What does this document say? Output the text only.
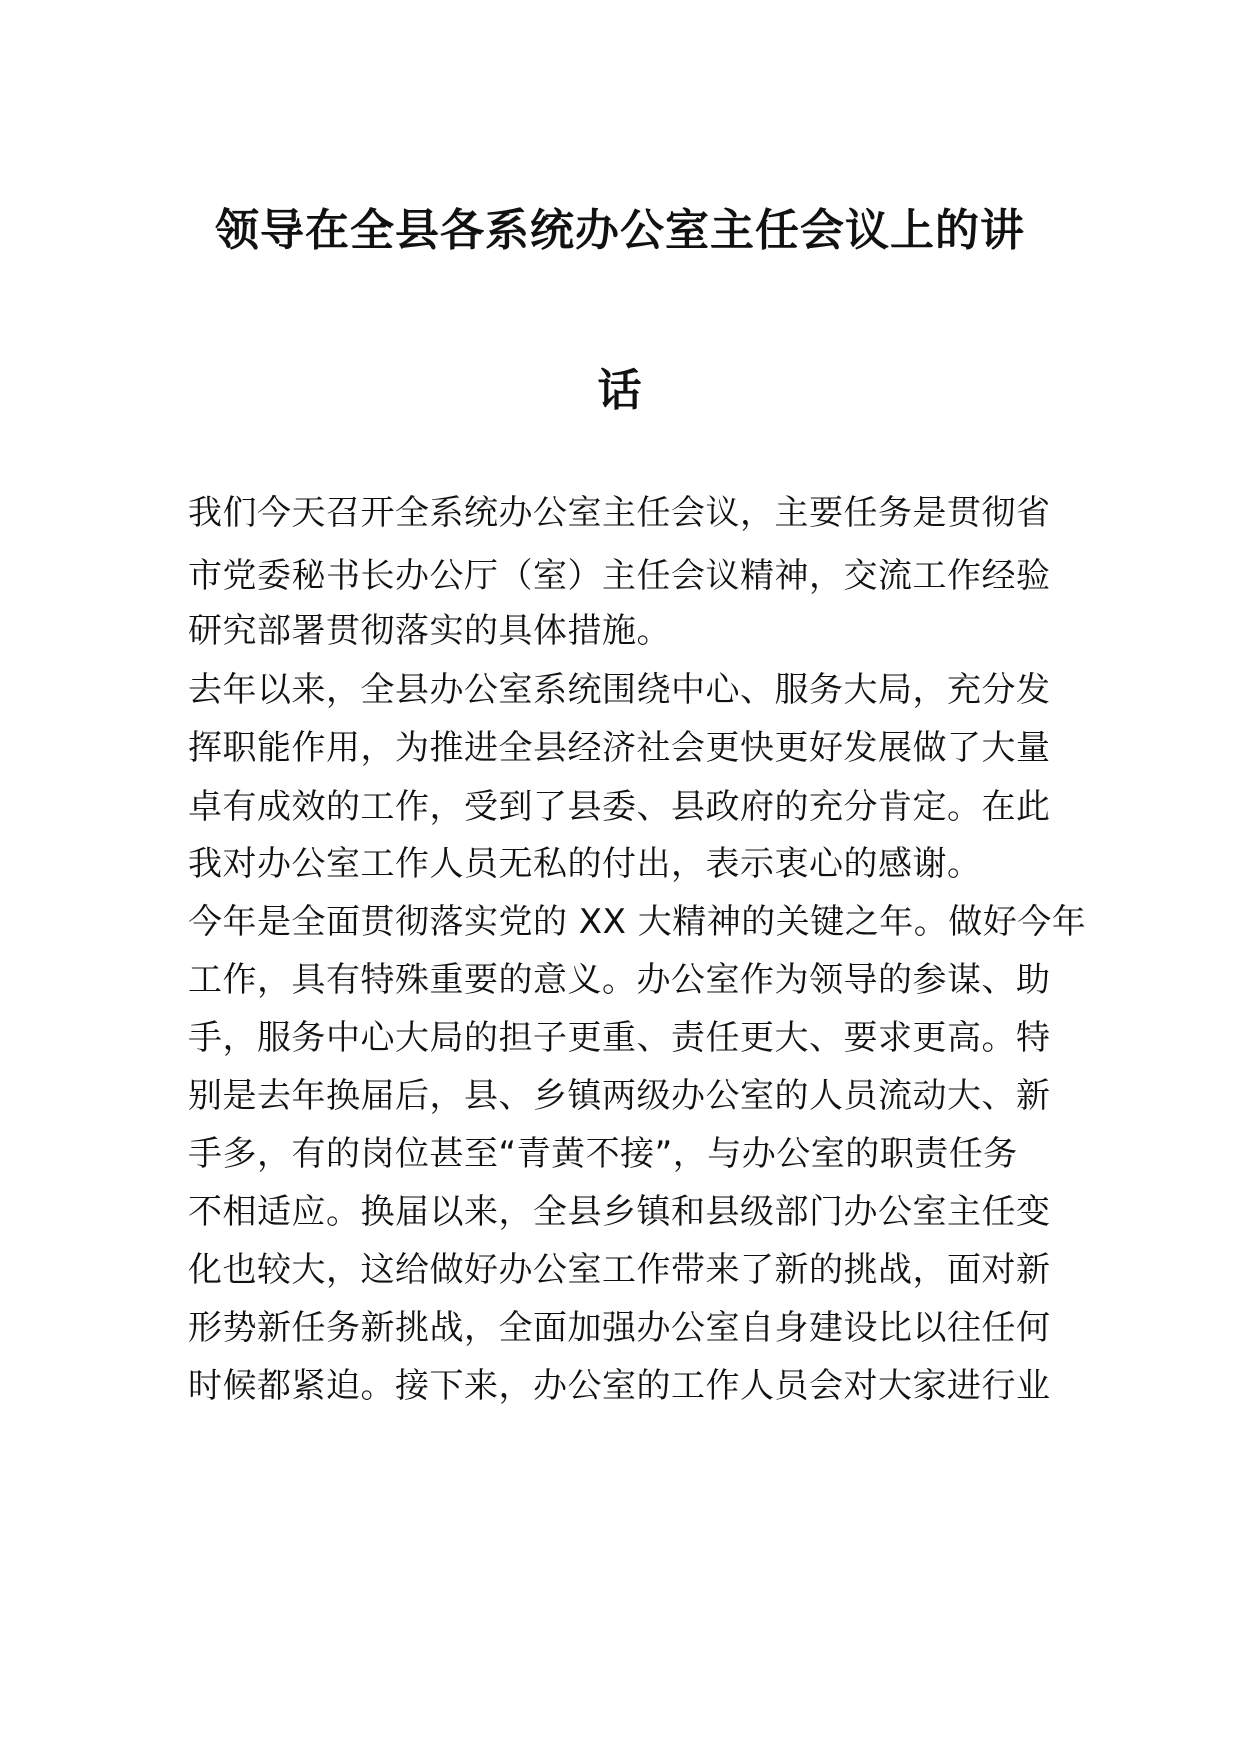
领导在全县各系统办公室主任会议上的讲
话
我们今天召开全系统办公室主任会议，主要任务是贯彻省
市党委秘书长办公厅（室）主任会议精神，交流工作经验
研究部署贯彻落实的具体措施。
去年以来，全县办公室系统围绕中心、服务大局，充分发
挥职能作用，为推进全县经济社会更快更好发展做了大量
卓有成效的工作，受到了县委、县政府的充分肯定。在此
我对办公室工作人员无私的付出，表示衷心的感谢。
今年是全面贯彻落实党的 XX 大精神的关键之年。做好今年
工作，具有特殊重要的意义。办公室作为领导的参谋、助
手，服务中心大局的担子更重、责任更大、要求更高。特
别是去年换届后，县、乡镇两级办公室的人员流动大、新
手多，有的岗位甚至“青黄不接”，与办公室的职责任务
不相适应。换届以来，全县乡镇和县级部门办公室主任变
化也较大，这给做好办公室工作带来了新的挑战，面对新
形势新任务新挑战，全面加强办公室自身建设比以往任何
时候都紧迫。接下来，办公室的工作人员会对大家进行业
